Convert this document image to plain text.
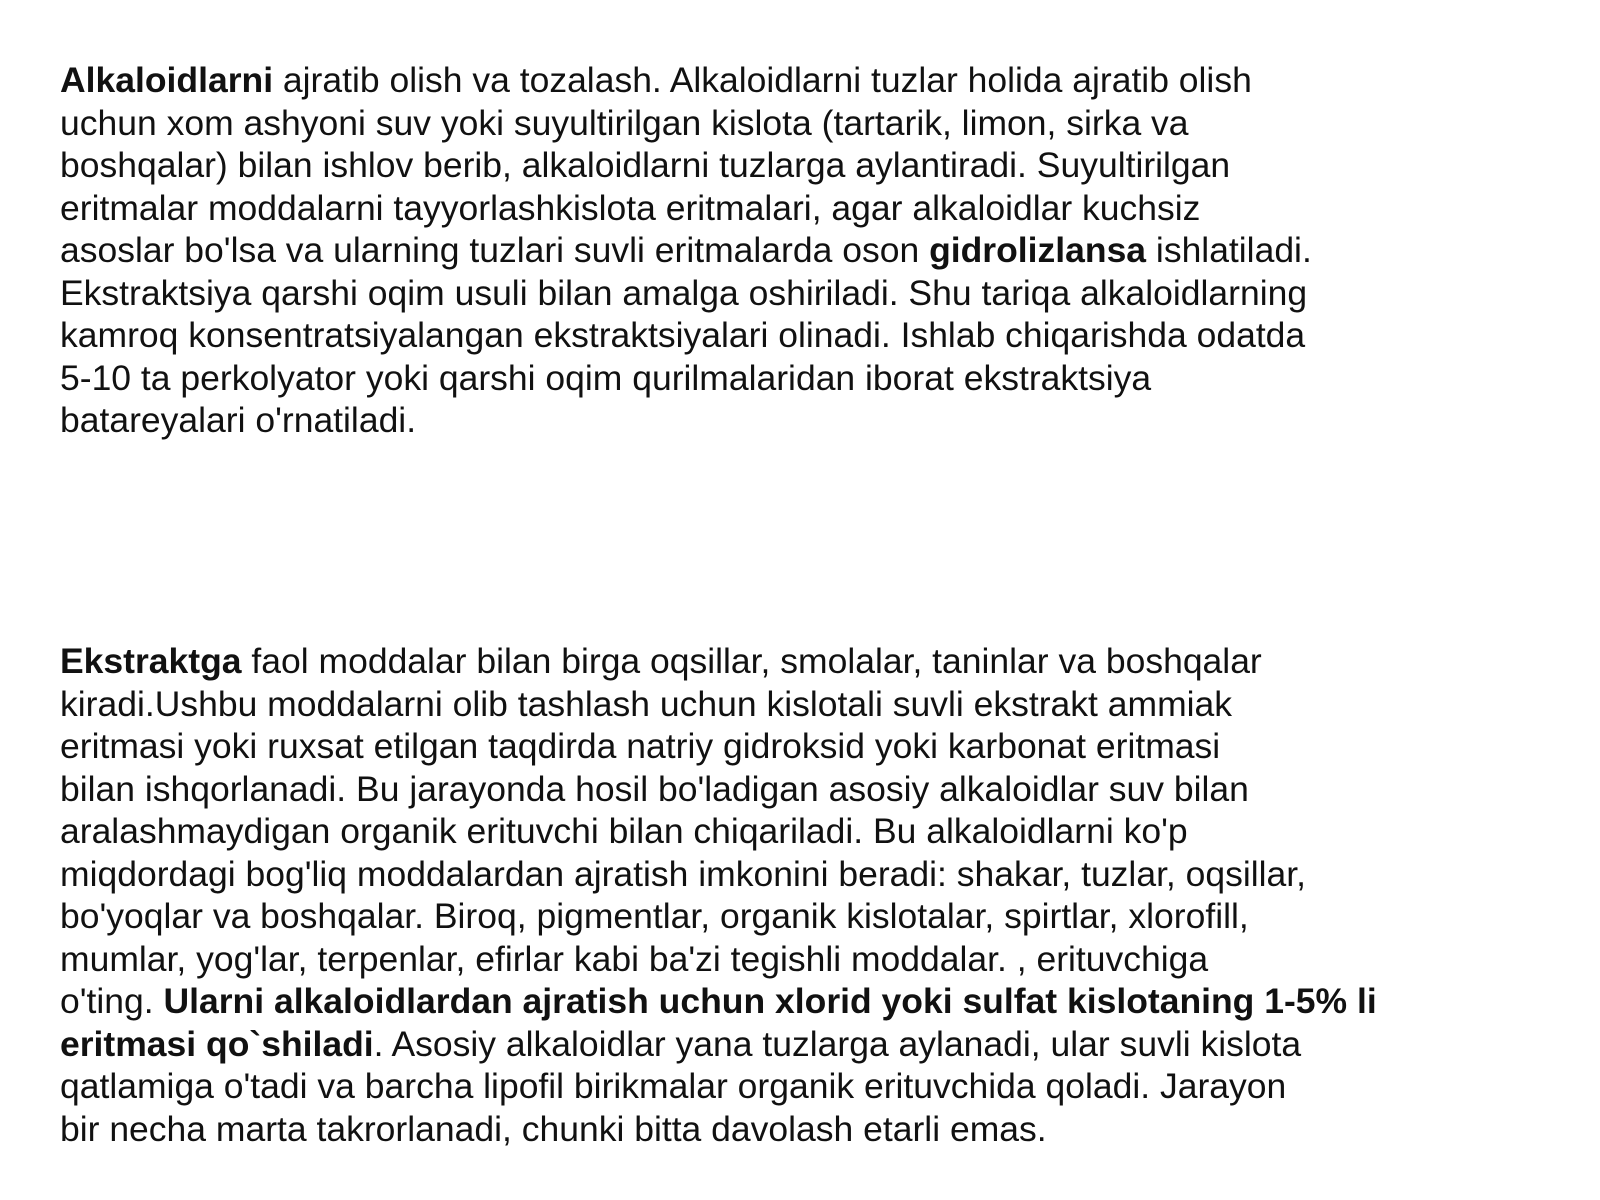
Alkaloidlarni ajratib olish va tozalash. Alkaloidlarni tuzlar holida ajratib olish
uchun xom ashyoni suv yoki suyultirilgan kislota (tartarik, limon, sirka va
boshqalar) bilan ishlov berib, alkaloidlarni tuzlarga aylantiradi. Suyultirilgan
eritmalar moddalarni tayyorlashkislota eritmalari, agar alkaloidlar kuchsiz
asoslar bo'lsa va ularning tuzlari suvli eritmalarda oson gidrolizlansa ishlatiladi.
Ekstraktsiya qarshi oqim usuli bilan amalga oshiriladi. Shu tariqa alkaloidlarning
kamroq konsentratsiyalangan ekstraktsiyalari olinadi. Ishlab chiqarishda odatda
5-10 ta perkolyator yoki qarshi oqim qurilmalaridan iborat ekstraktsiya
batareyalari o'rnatiladi.

Ekstraktga faol moddalar bilan birga oqsillar, smolalar, taninlar va boshqalar
kiradi.Ushbu moddalarni olib tashlash uchun kislotali suvli ekstrakt ammiak
eritmasi yoki ruxsat etilgan taqdirda natriy gidroksid yoki karbonat eritmasi
bilan ishqorlanadi. Bu jarayonda hosil bo'ladigan asosiy alkaloidlar suv bilan
aralashmaydigan organik erituvchi bilan chiqariladi. Bu alkaloidlarni ko'p
miqdordagi bog'liq moddalardan ajratish imkonini beradi: shakar, tuzlar, oqsillar,
bo'yoqlar va boshqalar. Biroq, pigmentlar, organik kislotalar, spirtlar, xlorofill,
mumlar, yog'lar, terpenlar, efirlar kabi ba'zi tegishli moddalar. , erituvchiga
o'ting. Ularni alkaloidlardan ajratish uchun xlorid yoki sulfat kislotaning 1-5% li
eritmasi qo`shiladi. Asosiy alkaloidlar yana tuzlarga aylanadi, ular suvli kislota
qatlamiga o'tadi va barcha lipofil birikmalar organik erituvchida qoladi. Jarayon
bir necha marta takrorlanadi, chunki bitta davolash etarli emas.
